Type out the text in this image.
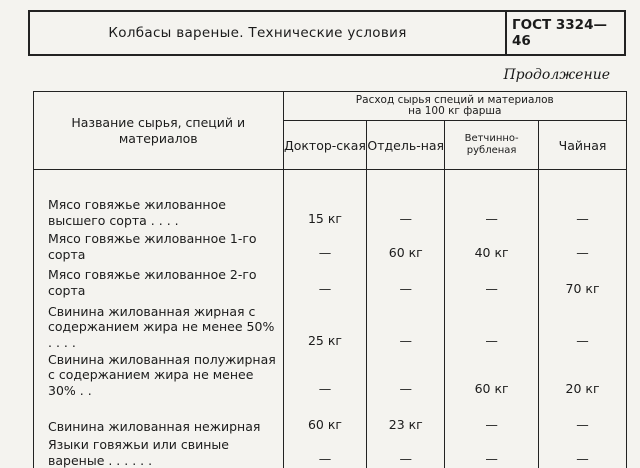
Колбасы вареные. Технические условия	ГОСТ 3324—46
Продолжение
Название сырья, специй и материалов	Расход сырья специй и материалов
на 100 кг фарша			

	Доктор-ская	Отдель-ная	Ветчинно-рубленая	Чайная

Мясо говяжье жилованное высшего сорта . . . .	15 кг	—	—	—
Мясо говяжье жилованное 1-го сорта	—	60 кг	40 кг	—
Мясо говяжье жилованное 2-го сорта	—	—	—	70 кг
Свинина жилованная жирная с содержанием жира не менее 50% . . . .	25 кг	—	—	—
Свинина жилованная полужирная с содержанием жира не менее 30% . .	—	—	60 кг	20 кг
Свинина жилованная нежирная	60 кг	23 кг	—	—
Языки говяжьи или свиные вареные . . . . . .	—	—	—	—
